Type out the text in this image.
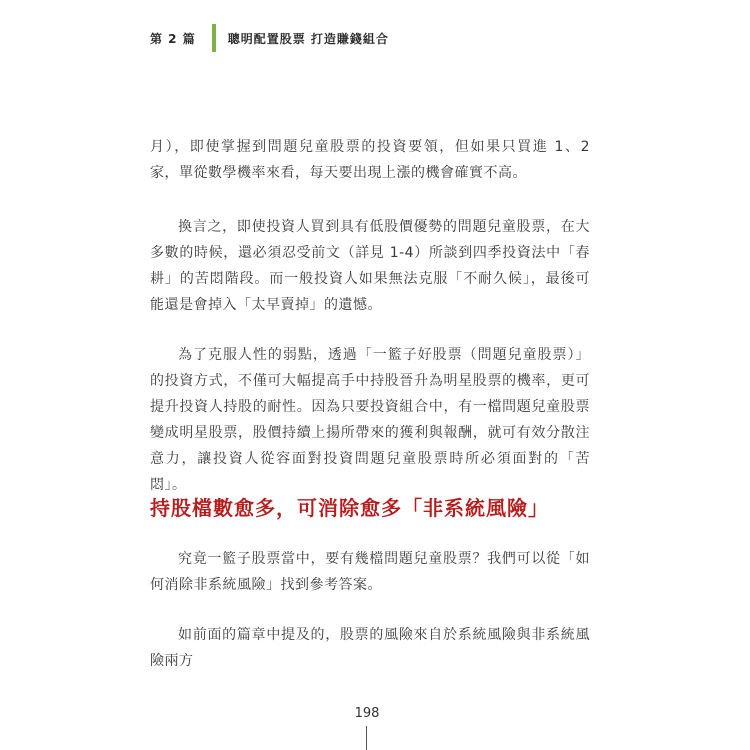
第 2 篇	聰明配置股票 打造賺錢組合

月），即使掌握到問題兒童股票的投資要領，但如果只買進 1、2 家，單從數學機率來看，每天要出現上漲的機會確實不高。

換言之，即使投資人買到具有低股價優勢的問題兒童股票，在大多數的時候，還必須忍受前文（詳見 1-4）所談到四季投資法中「春耕」的苦悶階段。而一般投資人如果無法克服「不耐久候」，最後可能還是會掉入「太早賣掉」的遺憾。

為了克服人性的弱點，透過「一籃子好股票（問題兒童股票）」的投資方式，不僅可大幅提高手中持股晉升為明星股票的機率，更可提升投資人持股的耐性。因為只要投資組合中，有一檔問題兒童股票變成明星股票，股價持續上揚所帶來的獲利與報酬，就可有效分散注意力，讓投資人從容面對投資問題兒童股票時所必須面對的「苦悶」。

持股檔數愈多，可消除愈多「非系統風險」

究竟一籃子股票當中，要有幾檔問題兒童股票？我們可以從「如何消除非系統風險」找到參考答案。

如前面的篇章中提及的，股票的風險來自於系統風險與非系統風險兩方

198
